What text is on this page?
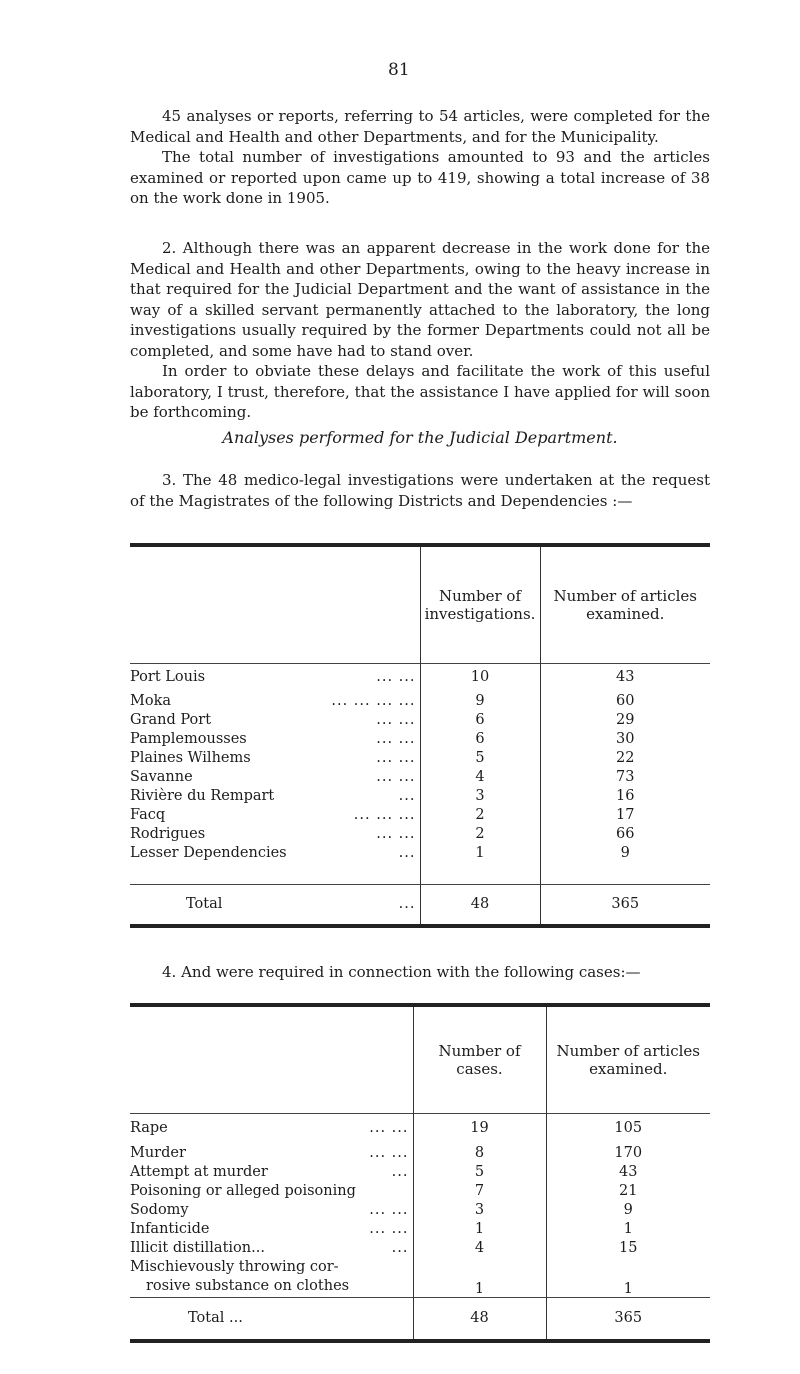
81

45 analyses or reports, referring to 54 articles, were completed for the Medical and Health and other Departments, and for the Municipality.

The total number of investigations amounted to 93 and the articles examined or reported upon came up to 419, showing a total increase of 38 on the work done in 1905.

2. Although there was an apparent decrease in the work done for the Medical and Health and other Departments, owing to the heavy increase in that required for the Judicial Department and the want of assistance in the way of a skilled servant permanently attached to the laboratory, the long investigations usually required by the former Departments could not all be completed, and some have had to stand over.

In order to obviate these delays and facilitate the work of this useful laboratory, I trust, therefore, that the assistance I have applied for will soon be forthcoming.

Analyses performed for the Judicial Department.

3. The 48 medico-legal investigations were undertaken at the request of the Magistrates of the following Districts and Dependencies :—

	Number of investigations.	Number of articles examined.
Port Louis ... ...	10	43
Moka ... ... ... ...	9	60
Grand Port ... ...	6	29
Pamplemousses ... ...	6	30
Plaines Wilhems ... ...	5	22
Savanne ... ...	4	73
Rivière du Rempart ...	3	16
Facq ... ... ...	2	17
Rodrigues ... ...	2	66
Lesser Dependencies ...	1	9

Total ...	48	365

4. And were required in connection with the following cases:—

	Number of cases.	Number of articles examined.
Rape ... ...	19	105
Murder ... ...	8	170
Attempt at murder ...	5	43
Poisoning or alleged poisoning	7	21
Sodomy ... ...	3	9
Infanticide ... ...	1	1
Illicit distillation... ...	4	15

Mischievously throwing cor-
rosive substance on clothes	1	1
Total ...	48	365
